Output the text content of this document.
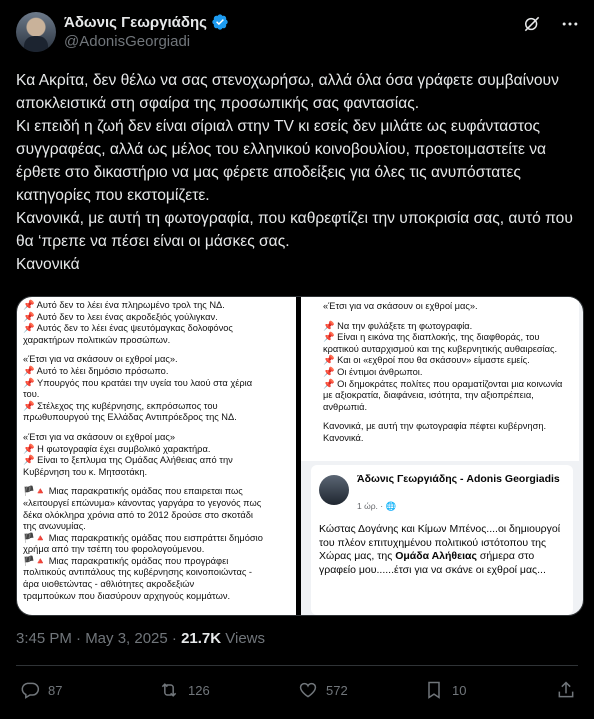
Άδωνις Γεωργιάδης
@AdonisGeorgiadi

Κα Ακρίτα, δεν θέλω να σας στενοχωρήσω, αλλά όλα όσα γράφετε συμβαίνουν αποκλειστικά στη σφαίρα της προσωπικής σας φαντασίας.

Κι επειδή η ζωή δεν είναι σίριαλ στην TV κι εσείς δεν μιλάτε ως ευφάνταστος συγγραφέας, αλλά ως μέλος του ελληνικού κοινοβουλίου, προετοιμαστείτε να έρθετε στο δικαστήριο να μας φέρετε αποδείξεις για όλες τις ανυπόστατες κατηγορίες που εκστομίζετε.

Κανονικά, με αυτή τη φωτογραφία, που καθρεφτίζει την υποκρισία σας, αυτό που θα ‘πρεπε να πέσει είναι οι μάσκες σας.

Κανονικά

📌 Αυτό δεν το λέει ένα πληρωμένο τρολ της ΝΔ.
📌 Αυτό δεν το λεει ένας ακροδεξιός γούλιγκαν.
📌 Αυτός δεν το λέει ένας ψευτόμαγκας δολοφόνος
χαρακτήρων πολιτικών προσώπων.
«Έτσι για να σκάσουν οι εχθροί μας».
📌 Αυτό το λέει δημόσιο πρόσωπο.
📌 Υπουργός που κρατάει την υγεία του λαού στα χέρια
του.
📌 Στέλεχος της κυβέρνησης, εκπρόσωπος του
πρωθυπουργού της Ελλάδας Αντιπρόεδρος της ΝΔ.
«Έτσι για να σκάσουν οι εχθροί μας»
📌 Η φωτογραφία έχει συμβολικό χαρακτήρα.
📌 Είναι το ξεπλυμα της Ομάδας Αλήθειας από την
Κυβέρνηση του κ. Μητσοτάκη.
🏴🔺 Μιας παρακρατικής ομάδας που επαιρεται πως
«λειτουργεί επώνυμα» κάνοντας γαργάρα το γεγονός πως
δέκα ολόκληρα χρόνια από το 2012 δρούσε στο σκοτάδι
της ανωνυμίας.
🏴🔺 Μιας παρακρατικής ομάδας που εισπράττει δημόσιο
χρήμα από την τσέπη του φορολογούμενου.
🏴🔺 Μιας παρακρατικής ομάδας που προγράφει
πολιτικούς αντιπάλους της κυβέρνησης κοινοποιώντας -
άρα υιοθετώντας - αθλιότητες ακροδεξιών
τραμπούκων που διασύρουν αρχηγούς κομμάτων.
«Έτσι για να σκάσουν οι εχθροί μας».
📌 Να την φυλάξετε τη φωτογραφία.
📌 Είναι η εικόνα της διαπλοκής, της διαφθοράς, του
κρατικού αυταρχισμού και της κυβερνητικής αυθαιρεσίας.
📌 Και οι «εχθροί που θα σκάσουν» είμαστε εμείς.
📌 Οι έντιμοι άνθρωποι.
📌 Οι δημοκράτες πολίτες που οραματίζονται μια κοινωνία
με αξιοκρατία, διαφάνεια, ισότητα, την αξιοπρέπεια,
ανθρωπιά.
Κανονικά, με αυτή την φωτογραφία πέφτει κυβέρνηση.
Κανονικά.
Άδωνις Γεωργιάδης - Adonis Georgiadis
1 ώρ. · 🌐
Κώστας Δογάνης και Κίμων Μπένος....οι δημιουργοί του πλέον επιτυχημένου πολιτικού ιστότοπου της Χώρας μας, της Ομάδα Αλήθειας σήμερα στο γραφείο μου......έτσι για να σκάνε οι εχθροί μας...
3:45 PM · May 3, 2025 · 21.7K Views
87	126	572	10
